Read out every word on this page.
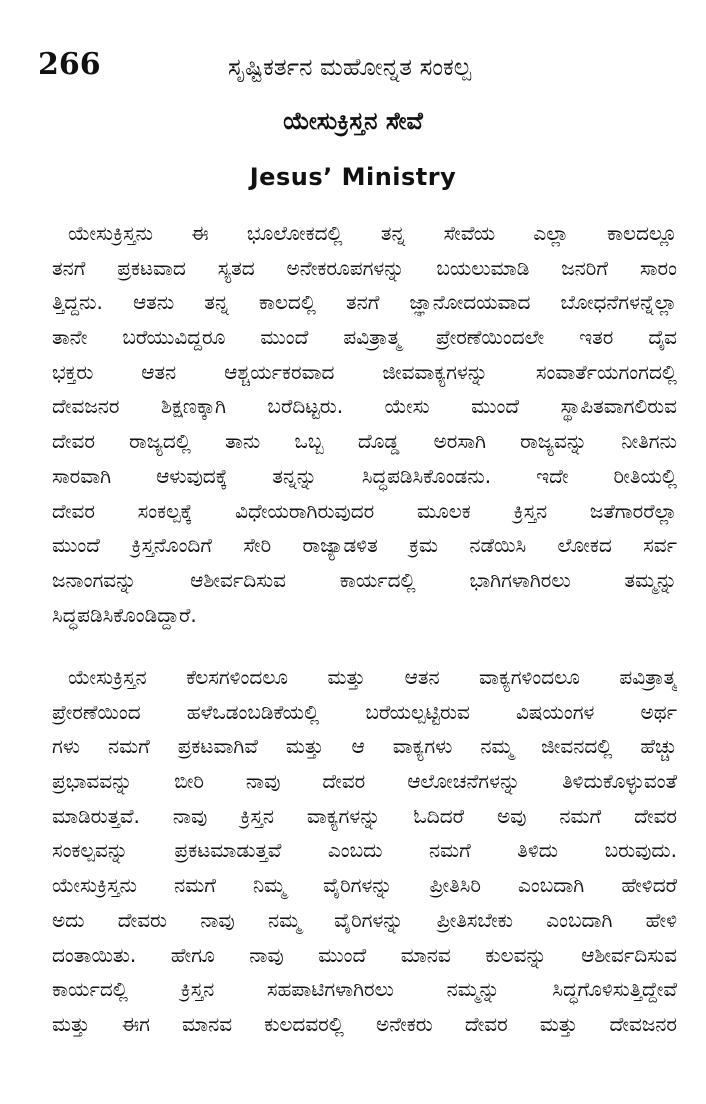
266	ಸೃಷ್ಟಿಕರ್ತನ ಮಹೋನ್ನತ ಸಂಕಲ್ಪ
ಯೇಸುಕ್ರಿಸ್ತನ ಸೇವೆ
Jesus’ Ministry
ಯೇಸುಕ್ರಿಸ್ತನು ಈ ಭೂಲೋಕದಲ್ಲಿ ತನ್ನ ಸೇವೆಯ ಎಲ್ಲಾ ಕಾಲದಲ್ಲೂ
ತನಗೆ ಪ್ರಕಟವಾದ ಸ್ಯತದ ಅನೇಕರೂಪಗಳನ್ನು ಬಯಲುಮಾಡಿ ಜನರಿಗೆ ಸಾರಂ
ತ್ತಿದ್ದನು. ಆತನು ತನ್ನ ಕಾಲದಲ್ಲಿ ತನಗೆ ಜ್ಞಾನೋದಯವಾದ ಬೋಧನೆಗಳನ್ನೆಲ್ಲಾ
ತಾನೇ ಬರೆಯುವಿದ್ದರೂ ಮುಂದೆ ಪವಿತ್ರಾತ್ಮ ಪ್ರೇರಣೆಯಿಂದಲೇ ಇತರ ದೈವ
ಭಕ್ತರು ಆತನ ಆಶ್ಚರ್ಯಕರವಾದ ಜೀವವಾಕ್ಯಗಳನ್ನು ಸಂವಾರ್ತೆಯಗಂಗದಲ್ಲಿ
ದೇವಜನರ ಶಿಕ್ಷಣಕ್ಕಾಗಿ ಬರೆದಿಟ್ಟರು. ಯೇಸು ಮುಂದೆ ಸ್ಥಾಪಿತವಾಗಲಿರುವ
ದೇವರ ರಾಜ್ಯದಲ್ಲಿ ತಾನು ಒಬ್ಬ ದೊಡ್ಡ ಅರಸಾಗಿ ರಾಜ್ಯವನ್ನು ನೀತಿಗನು
ಸಾರವಾಗಿ ಆಳುವುದಕ್ಕೆ ತನ್ನನ್ನು ಸಿದ್ಧಪಡಿಸಿಕೊಂಡನು. ಇದೇ ರೀತಿಯಲ್ಲಿ
ದೇವರ ಸಂಕಲ್ಪಕ್ಕೆ ವಿಧೇಯರಾಗಿರುವುದರ ಮೂಲಕ ಕ್ರಿಸ್ತನ ಜತೆಗಾರರೆಲ್ಲಾ
ಮುಂದೆ ಕ್ರಿಸ್ತನೊಂದಿಗೆ ಸೇರಿ ರಾಜ್ಯಾಡಳಿತ ಕ್ರಮ ನಡೆಯಿಸಿ ಲೋಕದ ಸರ್ವ
ಜನಾಂಗವನ್ನು ಆಶೀರ್ವದಿಸುವ ಕಾರ್ಯದಲ್ಲಿ ಭಾಗಿಗಳಾಗಿರಲು ತಮ್ಮನ್ನು
ಸಿದ್ಧಪಡಿಸಿಕೊಂಡಿದ್ದಾರೆ.
ಯೇಸುಕ್ರಿಸ್ತನ ಕೆಲಸಗಳಿಂದಲೂ ಮತ್ತು ಆತನ ವಾಕ್ಯಗಳಿಂದಲೂ ಪವಿತ್ರಾತ್ಮ
ಪ್ರೇರಣೆಯಿಂದ ಹಳೆಒಡಂಬಡಿಕೆಯಲ್ಲಿ ಬರೆಯಲ್ಪಟ್ಟಿರುವ ವಿಷಯಂಗಳ ಅರ್ಥ
ಗಳು ನಮಗೆ ಪ್ರಕಟವಾಗಿವೆ ಮತ್ತು ಆ ವಾಕ್ಯಗಳು ನಮ್ಮ ಜೀವನದಲ್ಲಿ ಹೆಚ್ಚು
ಪ್ರಭಾವವನ್ನು ಬೀರಿ ನಾವು ದೇವರ ಆಲೋಚನೆಗಳನ್ನು ತಿಳಿದುಕೊಳ್ಳುವಂತೆ
ಮಾಡಿರುತ್ತವೆ. ನಾವು ಕ್ರಿಸ್ತನ ವಾಕ್ಯಗಳನ್ನು ಓದಿದರೆ ಅವು ನಮಗೆ ದೇವರ
ಸಂಕಲ್ಪವನ್ನು ಪ್ರಕಟಮಾಡುತ್ತವೆ ಎಂಬದು ನಮಗೆ ತಿಳಿದು ಬರುವುದು.
ಯೇಸುಕ್ರಿಸ್ತನು ನಮಗೆ ನಿಮ್ಮ ವೈರಿಗಳನ್ನು ಪ್ರೀತಿಸಿರಿ ಎಂಬದಾಗಿ ಹೇಳಿದರೆ
ಅದು ದೇವರು ನಾವು ನಮ್ಮ ವೈರಿಗಳನ್ನು ಪ್ರೀತಿಸಬೇಕು ಎಂಬದಾಗಿ ಹೇಳಿ
ದಂತಾಯಿತು. ಹೇಗೂ ನಾವು ಮುಂದೆ ಮಾನವ ಕುಲವನ್ನು ಆಶೀರ್ವದಿಸುವ
ಕಾರ್ಯದಲ್ಲಿ ಕ್ರಿಸ್ತನ ಸಹಪಾಟಿಗಳಾಗಿರಲು ನಮ್ಮನ್ನು ಸಿದ್ಧಗೊಳಿಸುತ್ತಿದ್ದೇವೆ
ಮತ್ತು ಈಗ ಮಾನವ ಕುಲದವರಲ್ಲಿ ಅನೇಕರು ದೇವರ ಮತ್ತು ದೇವಜನರ
